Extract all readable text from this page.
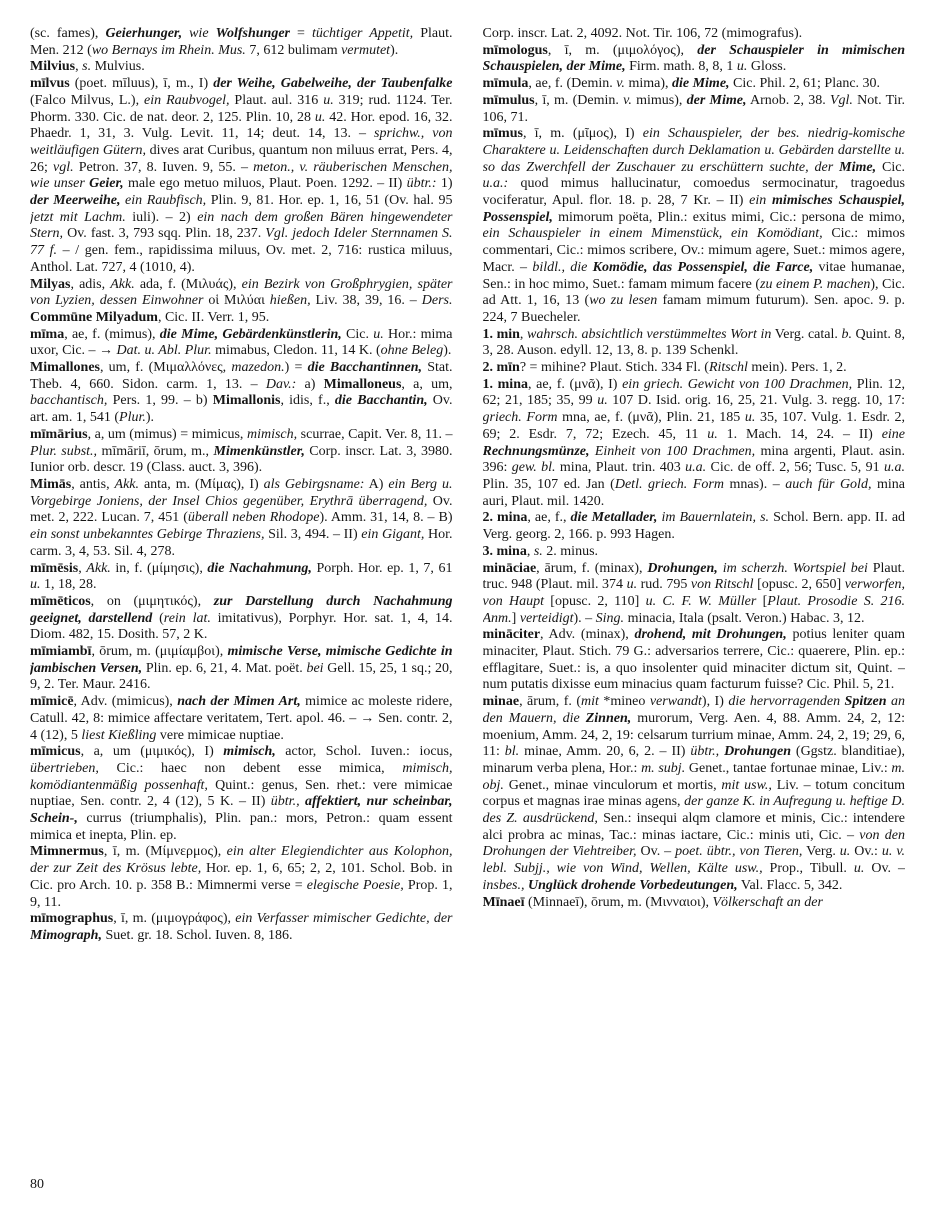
(sc. fames), Geierhunger, wie Wolfshunger = tüchtiger Appetit, Plaut. Men. 212 (wo Bernays im Rhein. Mus. 7, 612 bulimam vermutet).
Milvius, s. Mulvius.
mīlvus (poet. mīluus), ī, m., I) der Weihe, Gabelweihe, der Taubenfalke (Falco Milvus, L.), ein Raubvogel, Plaut. aul. 316 u. 319; rud. 1124. Ter. Phorm. 330. Cic. de nat. deor. 2, 125. Plin. 10, 28 u. 42. Hor. epod. 16, 32. Phaedr. 1, 31, 3. Vulg. Levit. 11, 14; deut. 14, 13. – sprichw., von weitläufigen Gütern, dives arat Curibus, quantum non miluus errat, Pers. 4, 26; vgl. Petron. 37, 8. Iuven. 9, 55. – meton., v. räuberischen Menschen, wie unser Geier, male ego metuo miluos, Plaut. Poen. 1292. – II) übtr.: 1) der Meerweihe, ein Raubfisch, Plin. 9, 81. Hor. ep. 1, 16, 51 (Ov. hal. 95 jetzt mit Lachm. iuli). – 2) ein nach dem großen Bären hingewendeter Stern, Ov. fast. 3, 793 sqq. Plin. 18, 237. Vgl. jedoch Ideler Sternnamen S. 77 f. – / gen. fem., rapidissima miluus, Ov. met. 2, 716: rustica miluus, Anthol. Lat. 727, 4 (1010, 4).
Milyas, adis, Akk. ada, f. (Μιλυάς), ein Bezirk von Großphrygien, später von Lyzien, dessen Einwohner οἱ Μιλύαι hießen, Liv. 38, 39, 16. – Ders. Commūne Milyadum, Cic. II. Verr. 1, 95.
mīma, ae, f. (mimus), die Mime, Gebärdenkünstlerin, Cic. u. Hor.: mima uxor, Cic. – → Dat. u. Abl. Plur. mimabus, Cledon. 11, 14 K. (ohne Beleg).
Mimallones, um, f. (Μιμαλλόνες, mazedon.) = die Bacchantinnen, Stat. Theb. 4, 660. Sidon. carm. 1, 13. – Dav.: a) Mimalloneus, a, um, bacchantisch, Pers. 1, 99. – b) Mimallonis, idis, f., die Bacchantin, Ov. art. am. 1, 541 (Plur.).
mīmārius, a, um (mimus) = mimicus, mimisch, scurrae, Capit. Ver. 8, 11. – Plur. subst., mīmāriī, ōrum, m., Mimenkünstler, Corp. inscr. Lat. 3, 3980. Iunior orb. descr. 19 (Class. auct. 3, 396).
Mimās, antis, Akk. anta, m. (Μίμας), I) als Gebirgsname: A) ein Berg u. Vorgebirge Joniens, der Insel Chios gegenüber, Erythrā überragend, Ov. met. 2, 222. Lucan. 7, 451 (überall neben Rhodope). Amm. 31, 14, 8. – B) ein sonst unbekanntes Gebirge Thraziens, Sil. 3, 494. – II) ein Gigant, Hor. carm. 3, 4, 53. Sil. 4, 278.
mīmēsis, Akk. in, f. (μίμησις), die Nachahmung, Porph. Hor. ep. 1, 7, 61 u. 1, 18, 28.
mīmēticos, on (μιμητικός), zur Darstellung durch Nachahmung geeignet, darstellend (rein lat. imitativus), Porphyr. Hor. sat. 1, 4, 14. Diom. 482, 15. Dosith. 57, 2 K.
mīmiambī, ōrum, m. (μιμίαμβοι), mimische Verse, mimische Gedichte in jambischen Versen, Plin. ep. 6, 21, 4. Mat. poët. bei Gell. 15, 25, 1 sq.; 20, 9, 2. Ter. Maur. 2416.
mīmicē, Adv. (mimicus), nach der Mimen Art, mimice ac moleste ridere, Catull. 42, 8: mimice affectare veritatem, Tert. apol. 46. – → Sen. contr. 2, 4 (12), 5 liest Kießling vere mimicae nuptiae.
mīmicus, a, um (μιμικός), I) mimisch, actor, Schol. Iuven.: iocus, übertrieben, Cic.: haec non debent esse mimica, mimisch, komödiantenmäßig possenhaft, Quint.: genus, Sen. rhet.: vere mimicae nuptiae, Sen. contr. 2, 4 (12), 5 K. – II) übtr., affektiert, nur scheinbar, Schein-, currus (triumphalis), Plin. pan.: mors, Petron.: quam essent mimica et inepta, Plin. ep.
Mimnermus, ī, m. (Μίμνερμος), ein alter Elegiendichter aus Kolophon, der zur Zeit des Krösus lebte, Hor. ep. 1, 6, 65; 2, 2, 101. Schol. Bob. in Cic. pro Arch. 10. p. 358 B.: Mimnermi verse = elegische Poesie, Prop. 1, 9, 11.
mīmographus, ī, m. (μιμογράφος), ein Verfasser mimischer Gedichte, der Mimograph, Suet. gr. 18. Schol. Iuven. 8, 186.
Corp. inscr. Lat. 2, 4092. Not. Tir. 106, 72 (mimografus).
mīmologus, ī, m. (μιμολόγος), der Schauspieler in mimischen Schauspielen, der Mime, Firm. math. 8, 8, 1 u. Gloss.
mīmula, ae, f. (Demin. v. mima), die Mime, Cic. Phil. 2, 61; Planc. 30.
mīmulus, ī, m. (Demin. v. mimus), der Mime, Arnob. 2, 38. Vgl. Not. Tir. 106, 71.
mīmus, ī, m. (μῖμος), I) ein Schauspieler, der bes. niedrig-komische Charaktere u. Leidenschaften durch Deklamation u. Gebärden darstellte u. so das Zwerchfell der Zuschauer zu erschüttern suchte, der Mime, Cic. u.a.: quod mimus hallucinatur, comoedus sermocinatur, tragoedus vociferatur, Apul. flor. 18. p. 28, 7 Kr. – II) ein mimisches Schauspiel, Possenspiel, mimorum poëta, Plin.: exitus mimi, Cic.: persona de mimo, ein Schauspieler in einem Mimenstück, ein Komödiant, Cic.: mimos commentari, Cic.: mimos scribere, Ov.: mimum agere, Suet.: mimos agere, Macr. – bildl., die Komödie, das Possenspiel, die Farce, vitae humanae, Sen.: in hoc mimo, Suet.: famam mimum facere (zu einem P. machen), Cic. ad Att. 1, 16, 13 (wo zu lesen famam mimum futurum). Sen. apoc. 9. p. 224, 7 Buecheler.
1. min, wahrsch. absichtlich verstümmeltes Wort in Verg. catal. b. Quint. 8, 3, 28. Auson. edyll. 12, 13, 8. p. 139 Schenkl.
2. mīn? = mihine? Plaut. Stich. 334 Fl. (Ritschl mein). Pers. 1, 2.
1. mina, ae, f. (μνᾶ), I) ein griech. Gewicht von 100 Drachmen, Plin. 12, 62; 21, 185; 35, 99 u. 107 D. Isid. orig. 16, 25, 21. Vulg. 3. regg. 10, 17: griech. Form mna, ae, f. (μνᾶ), Plin. 21, 185 u. 35, 107. Vulg. 1. Esdr. 2, 69; 2. Esdr. 7, 72; Ezech. 45, 11 u. 1. Mach. 14, 24. – II) eine Rechnungsmünze, Einheit von 100 Drachmen, mina argenti, Plaut. asin. 396: gew. bl. mina, Plaut. trin. 403 u.a. Cic. de off. 2, 56; Tusc. 5, 91 u.a. Plin. 35, 107 ed. Jan (Detl. griech. Form mnas). – auch für Gold, mina auri, Plaut. mil. 1420.
2. mina, ae, f., die Metallader, im Bauernlatein, s. Schol. Bern. app. II. ad Verg. georg. 2, 166. p. 993 Hagen.
3. mina, s. 2. minus.
mināciae, ārum, f. (minax), Drohungen, im scherzh. Wortspiel bei Plaut. truc. 948 (Plaut. mil. 374 u. rud. 795 von Ritschl [opusc. 2, 650] verworfen, von Haupt [opusc. 2, 110] u. C. F. W. Müller [Plaut. Prosodie S. 216. Anm.] verteidigt). – Sing. minacia, Itala (psalt. Veron.) Habac. 3, 12.
mināciter, Adv. (minax), drohend, mit Drohungen, potius leniter quam minaciter, Plaut. Stich. 79 G.: adversarios terrere, Cic.: quaerere, Plin. ep.: efflagitare, Suet.: is, a quo insolenter quid minaciter dictum sit, Quint. – num putatis dixisse eum minacius quam facturum fuisse? Cic. Phil. 5, 21.
minae, ārum, f. (mit *mineo verwandt), I) die hervorragenden Spitzen an den Mauern, die Zinnen, murorum, Verg. Aen. 4, 88. Amm. 24, 2, 12: moenium, Amm. 24, 2, 19: celsarum turrium minae, Amm. 24, 2, 19; 29, 6, 11: bl. minae, Amm. 20, 6, 2. – II) übtr., Drohungen (Ggstz. blanditiae), minarum verba plena, Hor.: m. subj. Genet., tantae fortunae minae, Liv.: m. obj. Genet., minae vinculorum et mortis, mit usw., Liv. – totum concitum corpus et magnas irae minas agens, der ganze K. in Aufregung u. heftige D. des Z. ausdrückend, Sen.: insequi alqm clamore et minis, Cic.: intendere alci probra ac minas, Tac.: minas iactare, Cic.: minis uti, Cic. – von den Drohungen der Viehtreiber, Ov. – poet. übtr., von Tieren, Verg. u. Ov.: u. v. lebl. Subjj., wie von Wind, Wellen, Kälte usw., Prop., Tibull. u. Ov. – insbes., Unglück drohende Vorbedeutungen, Val. Flacc. 5, 342.
Mīnaeī (Minnaeī), ōrum, m. (Μινναιοι), Völkerschaft an der
80
